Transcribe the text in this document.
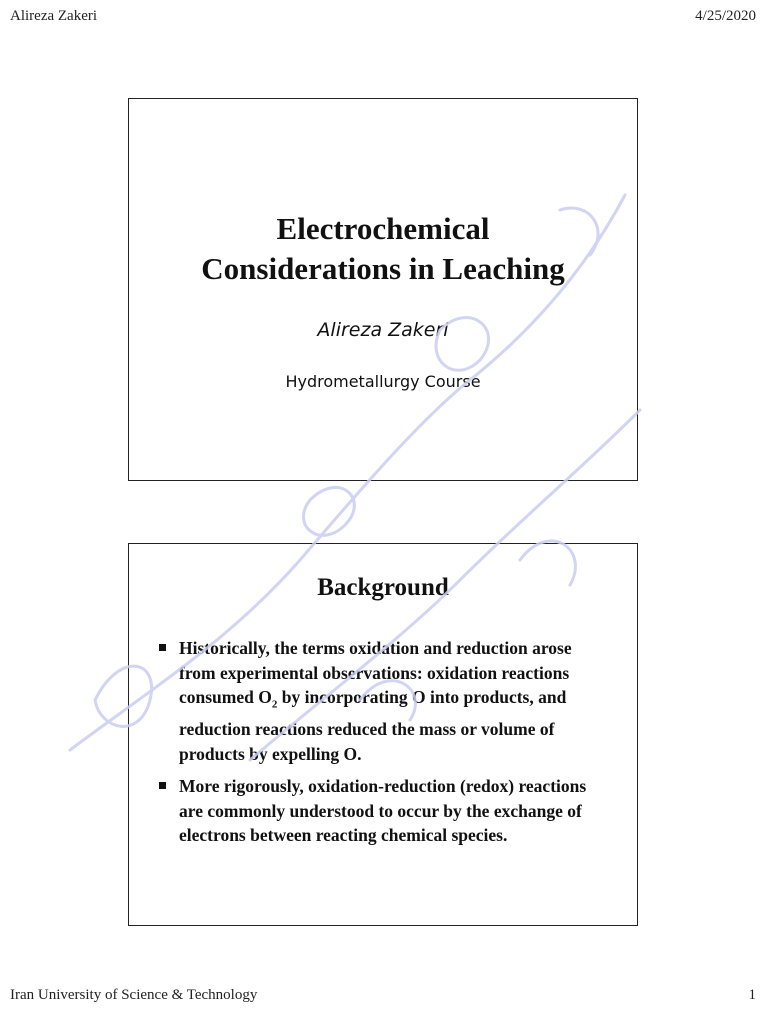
Alireza Zakeri	4/25/2020
Electrochemical
Considerations in Leaching
Alireza Zakeri
Hydrometallurgy Course
Background
Historically, the terms oxidation and reduction arose from experimental observations: oxidation reactions consumed $O_2$ by incorporating O into products, and reduction reactions reduced the mass or volume of products by expelling O.
More rigorously, oxidation-reduction (redox) reactions are commonly understood to occur by the exchange of electrons between reacting chemical species.
Iran University of Science & Technology	1
